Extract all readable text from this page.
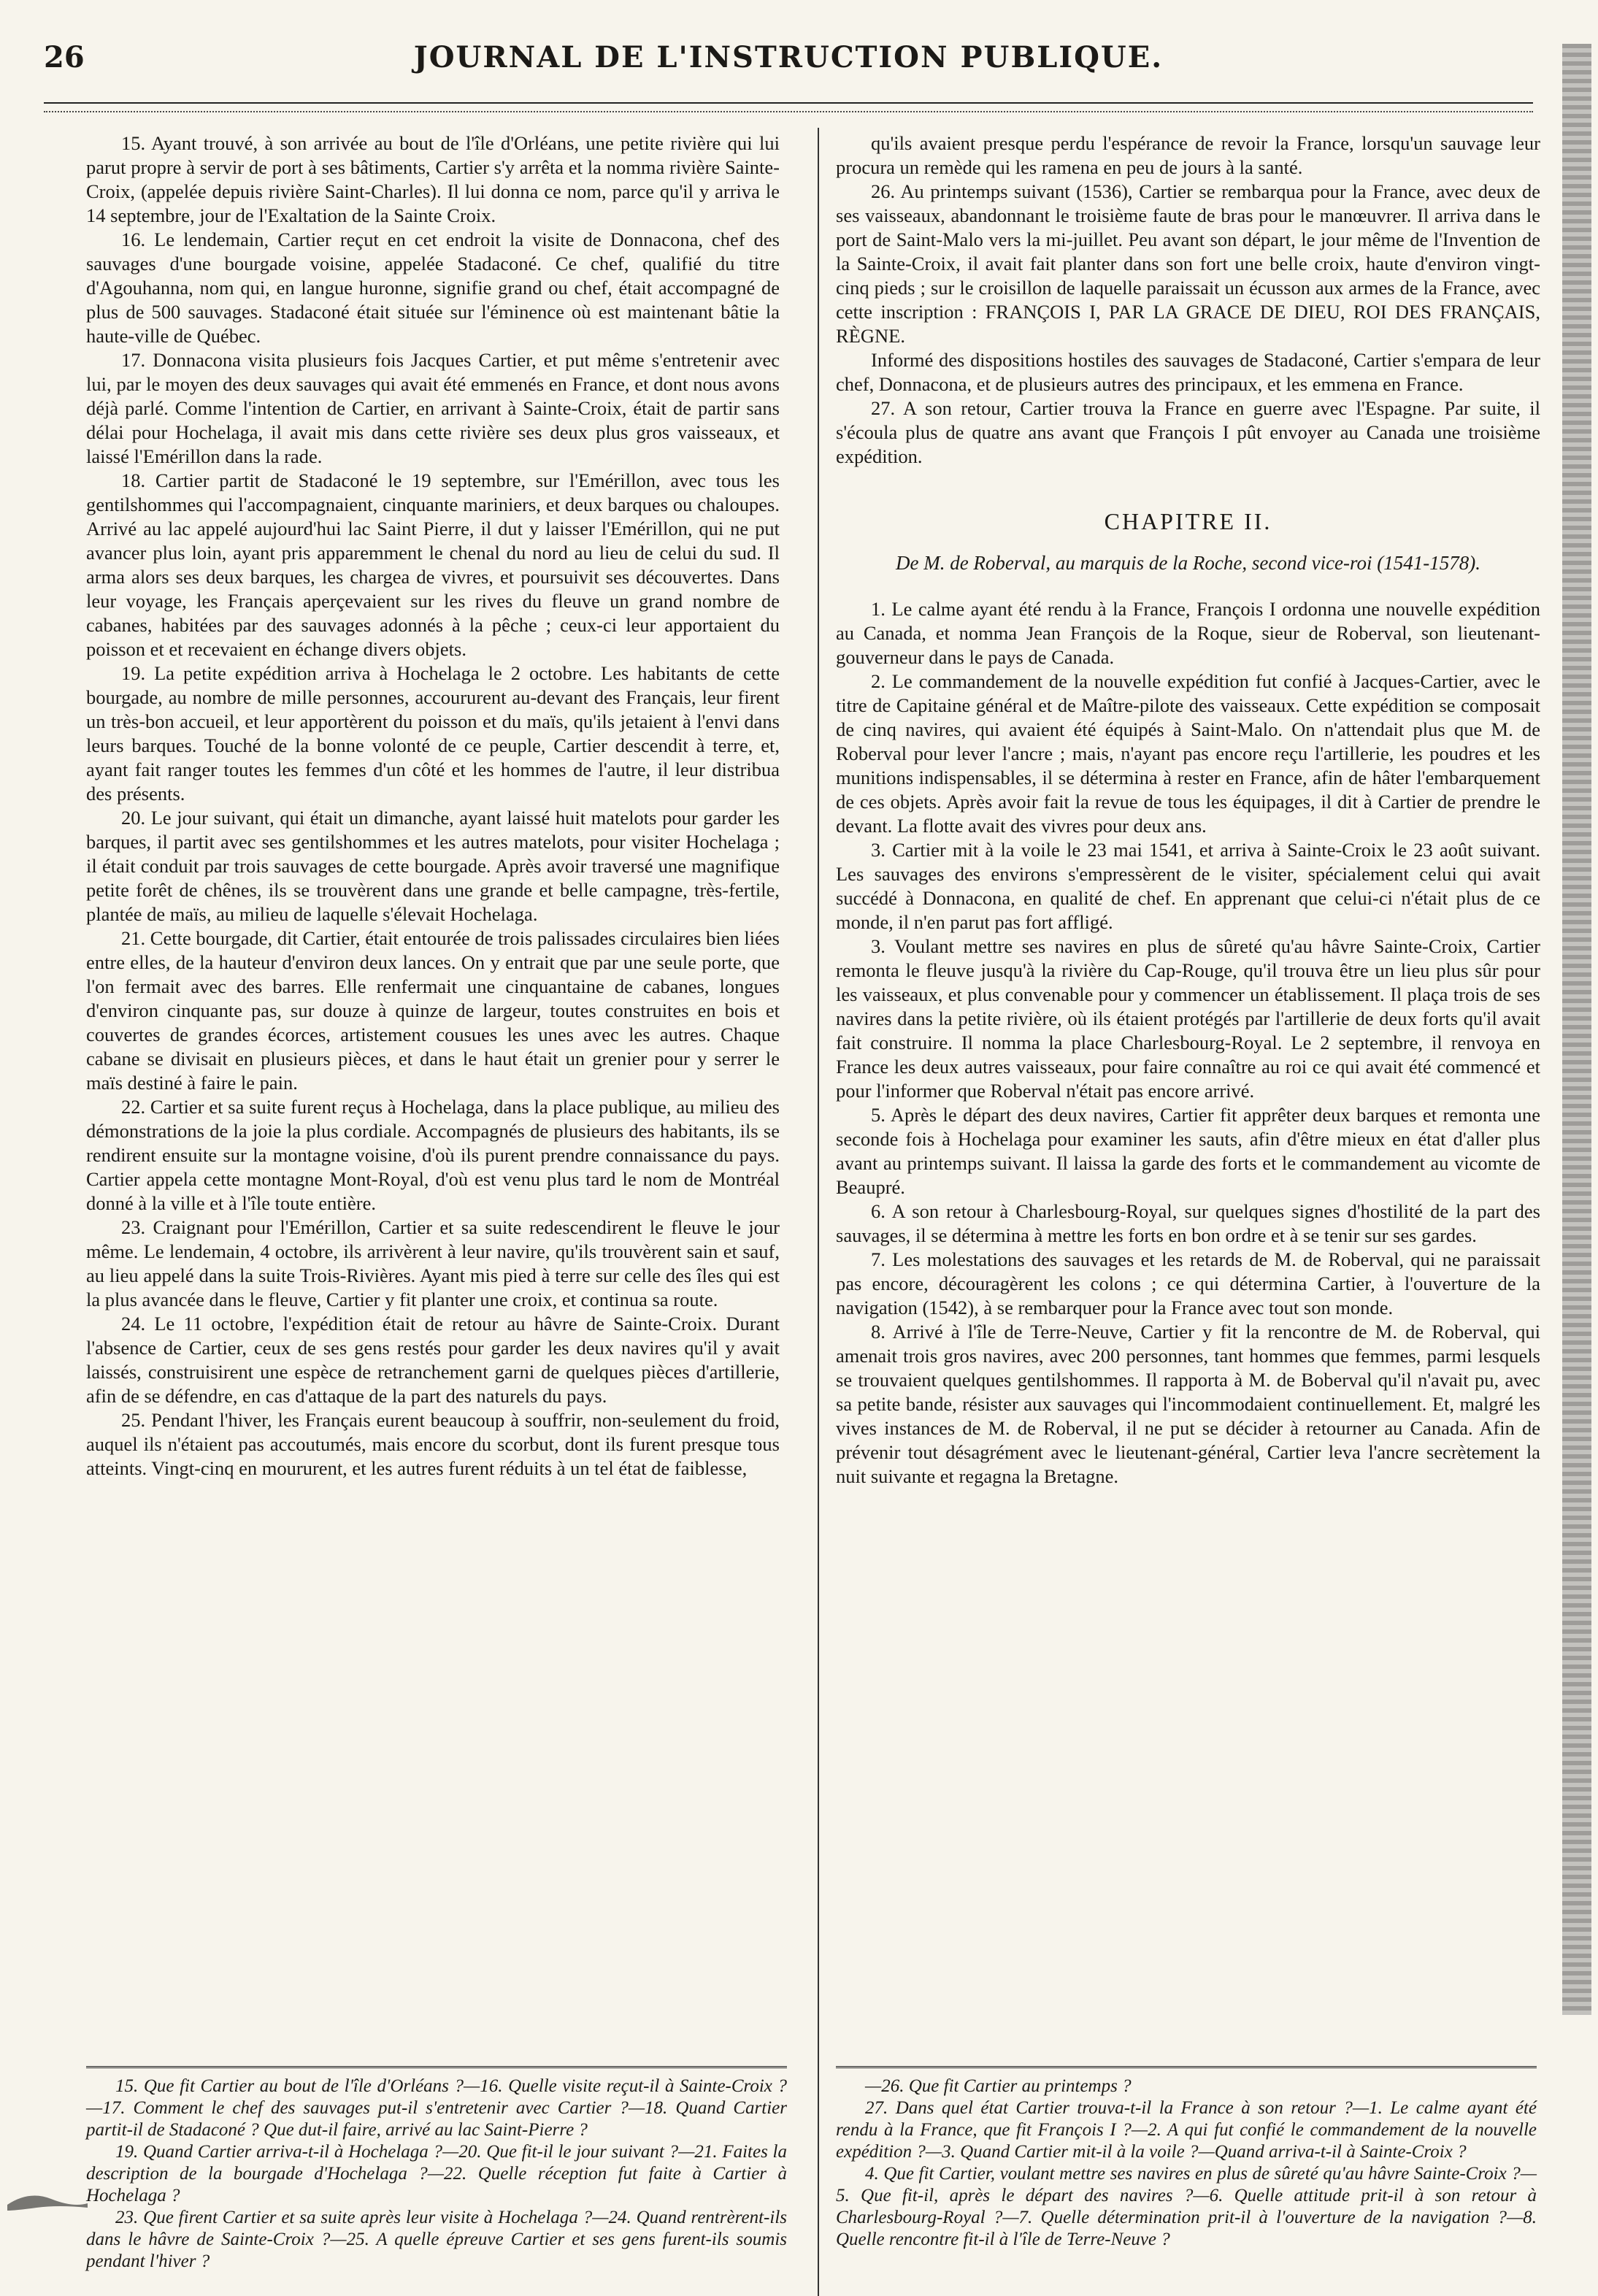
26	JOURNAL DE L'INSTRUCTION PUBLIQUE.

15. Ayant trouvé, à son arrivée au bout de l'île d'Orléans, une petite rivière qui lui parut propre à servir de port à ses bâtiments, Cartier s'y arrêta et la nomma rivière Sainte-Croix, (appelée depuis rivière Saint-Charles). Il lui donna ce nom, parce qu'il y arriva le 14 septembre, jour de l'Exaltation de la Sainte Croix.

16. Le lendemain, Cartier reçut en cet endroit la visite de Donnacona, chef des sauvages d'une bourgade voisine, appelée Stadaconé. Ce chef, qualifié du titre d'Agouhanna, nom qui, en langue huronne, signifie grand ou chef, était accompagné de plus de 500 sauvages. Stadaconé était située sur l'éminence où est maintenant bâtie la haute-ville de Québec.

17. Donnacona visita plusieurs fois Jacques Cartier, et put même s'entretenir avec lui, par le moyen des deux sauvages qui avait été emmenés en France, et dont nous avons déjà parlé. Comme l'intention de Cartier, en arrivant à Sainte-Croix, était de partir sans délai pour Hochelaga, il avait mis dans cette rivière ses deux plus gros vaisseaux, et laissé l'Emérillon dans la rade.

18. Cartier partit de Stadaconé le 19 septembre, sur l'Emérillon, avec tous les gentilshommes qui l'accompagnaient, cinquante mariniers, et deux barques ou chaloupes. Arrivé au lac appelé aujourd'hui lac Saint Pierre, il dut y laisser l'Emérillon, qui ne put avancer plus loin, ayant pris apparemment le chenal du nord au lieu de celui du sud. Il arma alors ses deux barques, les chargea de vivres, et poursuivit ses découvertes. Dans leur voyage, les Français aperçevaient sur les rives du fleuve un grand nombre de cabanes, habitées par des sauvages adonnés à la pêche ; ceux-ci leur apportaient du poisson et et recevaient en échange divers objets.

19. La petite expédition arriva à Hochelaga le 2 octobre. Les habitants de cette bourgade, au nombre de mille personnes, accoururent au-devant des Français, leur firent un très-bon accueil, et leur apportèrent du poisson et du maïs, qu'ils jetaient à l'envi dans leurs barques. Touché de la bonne volonté de ce peuple, Cartier descendit à terre, et, ayant fait ranger toutes les femmes d'un côté et les hommes de l'autre, il leur distribua des présents.

20. Le jour suivant, qui était un dimanche, ayant laissé huit matelots pour garder les barques, il partit avec ses gentilshommes et les autres matelots, pour visiter Hochelaga ; il était conduit par trois sauvages de cette bourgade. Après avoir traversé une magnifique petite forêt de chênes, ils se trouvèrent dans une grande et belle campagne, très-fertile, plantée de maïs, au milieu de laquelle s'élevait Hochelaga.

21. Cette bourgade, dit Cartier, était entourée de trois palissades circulaires bien liées entre elles, de la hauteur d'environ deux lances. On y entrait que par une seule porte, que l'on fermait avec des barres. Elle renfermait une cinquantaine de cabanes, longues d'environ cinquante pas, sur douze à quinze de largeur, toutes construites en bois et couvertes de grandes écorces, artistement cousues les unes avec les autres. Chaque cabane se divisait en plusieurs pièces, et dans le haut était un grenier pour y serrer le maïs destiné à faire le pain.

22. Cartier et sa suite furent reçus à Hochelaga, dans la place publique, au milieu des démonstrations de la joie la plus cordiale. Accompagnés de plusieurs des habitants, ils se rendirent ensuite sur la montagne voisine, d'où ils purent prendre connaissance du pays. Cartier appela cette montagne Mont-Royal, d'où est venu plus tard le nom de Montréal donné à la ville et à l'île toute entière.

23. Craignant pour l'Emérillon, Cartier et sa suite redescendirent le fleuve le jour même. Le lendemain, 4 octobre, ils arrivèrent à leur navire, qu'ils trouvèrent sain et sauf, au lieu appelé dans la suite Trois-Rivières. Ayant mis pied à terre sur celle des îles qui est la plus avancée dans le fleuve, Cartier y fit planter une croix, et continua sa route.

24. Le 11 octobre, l'expédition était de retour au hâvre de Sainte-Croix. Durant l'absence de Cartier, ceux de ses gens restés pour garder les deux navires qu'il y avait laissés, construisirent une espèce de retranchement garni de quelques pièces d'artillerie, afin de se défendre, en cas d'attaque de la part des naturels du pays.

25. Pendant l'hiver, les Français eurent beaucoup à souffrir, non-seulement du froid, auquel ils n'étaient pas accoutumés, mais encore du scorbut, dont ils furent presque tous atteints. Vingt-cinq en moururent, et les autres furent réduits à un tel état de faiblesse,

qu'ils avaient presque perdu l'espérance de revoir la France, lorsqu'un sauvage leur procura un remède qui les ramena en peu de jours à la santé.

26. Au printemps suivant (1536), Cartier se rembarqua pour la France, avec deux de ses vaisseaux, abandonnant le troisième faute de bras pour le manœuvrer. Il arriva dans le port de Saint-Malo vers la mi-juillet. Peu avant son départ, le jour même de l'Invention de la Sainte-Croix, il avait fait planter dans son fort une belle croix, haute d'environ vingt-cinq pieds ; sur le croisillon de laquelle paraissait un écusson aux armes de la France, avec cette inscription : FRANÇOIS I, PAR LA GRACE DE DIEU, ROI DES FRANÇAIS, RÈGNE.

Informé des dispositions hostiles des sauvages de Stadaconé, Cartier s'empara de leur chef, Donnacona, et de plusieurs autres des principaux, et les emmena en France.

27. A son retour, Cartier trouva la France en guerre avec l'Espagne. Par suite, il s'écoula plus de quatre ans avant que François I pût envoyer au Canada une troisième expédition.

CHAPITRE II.
De M. de Roberval, au marquis de la Roche, second vice-roi (1541-1578).

1. Le calme ayant été rendu à la France, François I ordonna une nouvelle expédition au Canada, et nomma Jean François de la Roque, sieur de Roberval, son lieutenant-gouverneur dans le pays de Canada.

2. Le commandement de la nouvelle expédition fut confié à Jacques-Cartier, avec le titre de Capitaine général et de Maître-pilote des vaisseaux. Cette expédition se composait de cinq navires, qui avaient été équipés à Saint-Malo. On n'attendait plus que M. de Roberval pour lever l'ancre ; mais, n'ayant pas encore reçu l'artillerie, les poudres et les munitions indispensables, il se détermina à rester en France, afin de hâter l'embarquement de ces objets. Après avoir fait la revue de tous les équipages, il dit à Cartier de prendre le devant. La flotte avait des vivres pour deux ans.

3. Cartier mit à la voile le 23 mai 1541, et arriva à Sainte-Croix le 23 août suivant. Les sauvages des environs s'empressèrent de le visiter, spécialement celui qui avait succédé à Donnacona, en qualité de chef. En apprenant que celui-ci n'était plus de ce monde, il n'en parut pas fort affligé.

3. Voulant mettre ses navires en plus de sûreté qu'au hâvre Sainte-Croix, Cartier remonta le fleuve jusqu'à la rivière du Cap-Rouge, qu'il trouva être un lieu plus sûr pour les vaisseaux, et plus convenable pour y commencer un établissement. Il plaça trois de ses navires dans la petite rivière, où ils étaient protégés par l'artillerie de deux forts qu'il avait fait construire. Il nomma la place Charlesbourg-Royal. Le 2 septembre, il renvoya en France les deux autres vaisseaux, pour faire connaître au roi ce qui avait été commencé et pour l'informer que Roberval n'était pas encore arrivé.

5. Après le départ des deux navires, Cartier fit apprêter deux barques et remonta une seconde fois à Hochelaga pour examiner les sauts, afin d'être mieux en état d'aller plus avant au printemps suivant. Il laissa la garde des forts et le commandement au vicomte de Beaupré.

6. A son retour à Charlesbourg-Royal, sur quelques signes d'hostilité de la part des sauvages, il se détermina à mettre les forts en bon ordre et à se tenir sur ses gardes.

7. Les molestations des sauvages et les retards de M. de Roberval, qui ne paraissait pas encore, découragèrent les colons ; ce qui détermina Cartier, à l'ouverture de la navigation (1542), à se rembarquer pour la France avec tout son monde.

8. Arrivé à l'île de Terre-Neuve, Cartier y fit la rencontre de M. de Roberval, qui amenait trois gros navires, avec 200 personnes, tant hommes que femmes, parmi lesquels se trouvaient quelques gentilshommes. Il rapporta à M. de Boberval qu'il n'avait pu, avec sa petite bande, résister aux sauvages qui l'incommodaient continuellement. Et, malgré les vives instances de M. de Roberval, il ne put se décider à retourner au Canada. Afin de prévenir tout désagrément avec le lieutenant-général, Cartier leva l'ancre secrètement la nuit suivante et regagna la Bretagne.

15. Que fit Cartier au bout de l'île d'Orléans ?—16. Quelle visite reçut-il à Sainte-Croix ?—17. Comment le chef des sauvages put-il s'entretenir avec Cartier ?—18. Quand Cartier partit-il de Stadaconé ? Que dut-il faire, arrivé au lac Saint-Pierre ?

19. Quand Cartier arriva-t-il à Hochelaga ?—20. Que fit-il le jour suivant ?—21. Faites la description de la bourgade d'Hochelaga ?—22. Quelle réception fut faite à Cartier à Hochelaga ?

23. Que firent Cartier et sa suite après leur visite à Hochelaga ?—24. Quand rentrèrent-ils dans le hâvre de Sainte-Croix ?—25. A quelle épreuve Cartier et ses gens furent-ils soumis pendant l'hiver ?

—26. Que fit Cartier au printemps ?

27. Dans quel état Cartier trouva-t-il la France à son retour ?—1. Le calme ayant été rendu à la France, que fit François I ?—2. A qui fut confié le commandement de la nouvelle expédition ?—3. Quand Cartier mit-il à la voile ?—Quand arriva-t-il à Sainte-Croix ?

4. Que fit Cartier, voulant mettre ses navires en plus de sûreté qu'au hâvre Sainte-Croix ?—5. Que fit-il, après le départ des navires ?—6. Quelle attitude prit-il à son retour à Charlesbourg-Royal ?—7. Quelle détermination prit-il à l'ouverture de la navigation ?—8. Quelle rencontre fit-il à l'île de Terre-Neuve ?
